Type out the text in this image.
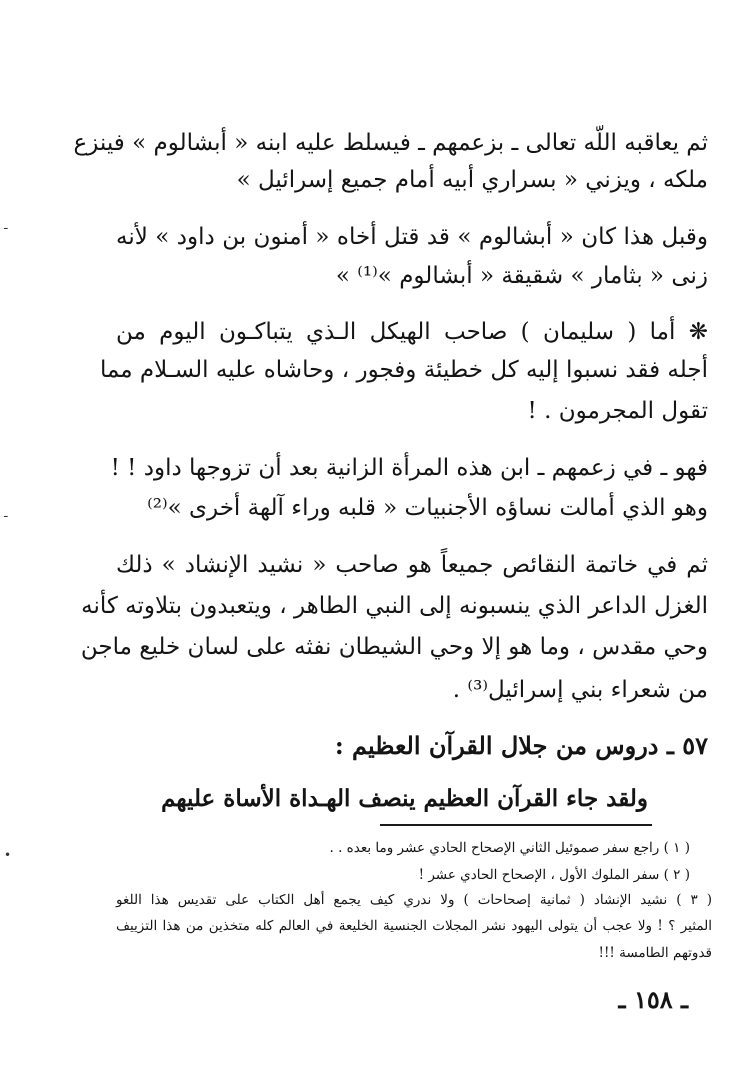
ثم يعاقبه اللّه تعالى ـ بزعمهم ـ فيسلط عليه ابنه « أبشالوم » فينزع
ملكه ، ويزني « بسراري أبيه أمام جميع إسرائيل »
وقبل هذا كان « أبشالوم » قد قتل أخاه « أمنون بن داود » لأنه
زنى « بثامار » شقيقة « أبشالوم »⁽¹⁾ »
❋ أما ( سليمان ) صاحب الهيكل الـذي يتباكـون اليوم من
أجله فقد نسبوا إليه كل خطيئة وفجور ، وحاشاه عليه السـلام مما
تقول المجرمون . !
فهو ـ في زعمهم ـ ابن هذه المرأة الزانية بعد أن تزوجها داود ! !
وهو الذي أمالت نساؤه الأجنبيات « قلبه وراء آلهة أخرى »⁽²⁾
ثم في خاتمة النقائص جميعاً هو صاحب « نشيد الإنشاد » ذلك
الغزل الداعر الذي ينسبونه إلى النبي الطاهر ، ويتعبدون بتلاوته كأنه
وحي مقدس ، وما هو إلا وحي الشيطان نفثه على لسان خليع ماجن
من شعراء بني إسرائيل⁽³⁾ .
٥٧ ـ دروس من جلال القرآن العظيم :
ولقد جاء القرآن العظيم ينصف الهـداة الأساة عليهم
( ١ ) راجع سفر صموئيل الثاني الإصحاح الحادي عشر وما بعده . .
( ٢ ) سفر الملوك الأول ، الإصحاح الحادي عشر !
( ٣ ) نشيد الإنشاد ( ثمانية إصحاحات ) ولا ندري كيف يجمع أهل الكتاب على تقديس هذا اللغو
المثير ؟ ! ولا عجب أن يتولى اليهود نشر المجلات الجنسية الخليعة في العالم كله متخذين من هذا التزييف
قدوتهم الطامسة !!!
ـ ١٥٨ ـ
ـ
ـ
•
